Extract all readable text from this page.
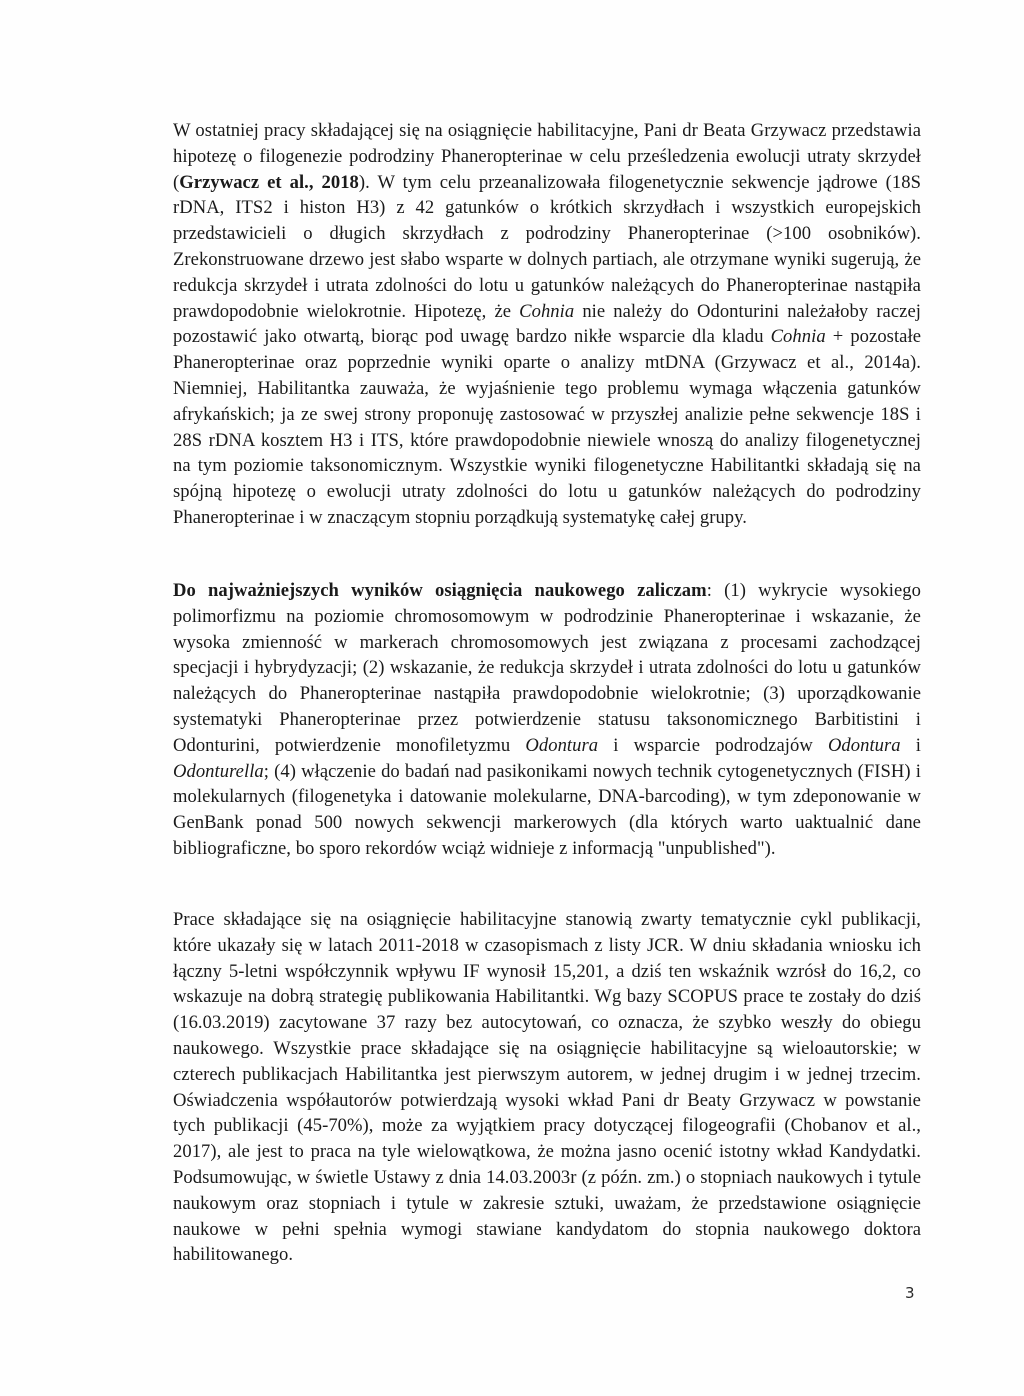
W ostatniej pracy składającej się na osiągnięcie habilitacyjne, Pani dr Beata Grzywacz przedstawia hipotezę o filogenezie podrodziny Phaneropterinae w celu prześledzenia ewolucji utraty skrzydeł (Grzywacz et al., 2018). W tym celu przeanalizowała filogenetycznie sekwencje jądrowe (18S rDNA, ITS2 i histon H3) z 42 gatunków o krótkich skrzydłach i wszystkich europejskich przedstawicieli o długich skrzydłach z podrodziny Phaneropterinae (>100 osobników). Zrekonstruowane drzewo jest słabo wsparte w dolnych partiach, ale otrzymane wyniki sugerują, że redukcja skrzydeł i utrata zdolności do lotu u gatunków należących do Phaneropterinae nastąpiła prawdopodobnie wielokrotnie. Hipotezę, że Cohnia nie należy do Odonturini należałoby raczej pozostawić jako otwartą, biorąc pod uwagę bardzo nikłe wsparcie dla kladu Cohnia + pozostałe Phaneropterinae oraz poprzednie wyniki oparte o analizy mtDNA (Grzywacz et al., 2014a). Niemniej, Habilitantka zauważa, że wyjaśnienie tego problemu wymaga włączenia gatunków afrykańskich; ja ze swej strony proponuję zastosować w przyszłej analizie pełne sekwencje 18S i 28S rDNA kosztem H3 i ITS, które prawdopodobnie niewiele wnoszą do analizy filogenetycznej na tym poziomie taksonomicznym. Wszystkie wyniki filogenetyczne Habilitantki składają się na spójną hipotezę o ewolucji utraty zdolności do lotu u gatunków należących do podrodziny Phaneropterinae i w znaczącym stopniu porządkują systematykę całej grupy.

Do najważniejszych wyników osiągnięcia naukowego zaliczam: (1) wykrycie wysokiego polimorfizmu na poziomie chromosomowym w podrodzinie Phaneropterinae i wskazanie, że wysoka zmienność w markerach chromosomowych jest związana z procesami zachodzącej specjacji i hybrydyzacji; (2) wskazanie, że redukcja skrzydeł i utrata zdolności do lotu u gatunków należących do Phaneropterinae nastąpiła prawdopodobnie wielokrotnie; (3) uporządkowanie systematyki Phaneropterinae przez potwierdzenie statusu taksonomicznego Barbitistini i Odonturini, potwierdzenie monofiletyzmu Odontura i wsparcie podrodzajów Odontura i Odonturella; (4) włączenie do badań nad pasikonikami nowych technik cytogenetycznych (FISH) i molekularnych (filogenetyka i datowanie molekularne, DNA-barcoding), w tym zdeponowanie w GenBank ponad 500 nowych sekwencji markerowych (dla których warto uaktualnić dane bibliograficzne, bo sporo rekordów wciąż widnieje z informacją "unpublished").

Prace składające się na osiągnięcie habilitacyjne stanowią zwarty tematycznie cykl publikacji, które ukazały się w latach 2011-2018 w czasopismach z listy JCR. W dniu składania wniosku ich łączny 5-letni współczynnik wpływu IF wynosił 15,201, a dziś ten wskaźnik wzrósł do 16,2, co wskazuje na dobrą strategię publikowania Habilitantki. Wg bazy SCOPUS prace te zostały do dziś (16.03.2019) zacytowane 37 razy bez autocytowań, co oznacza, że szybko weszły do obiegu naukowego. Wszystkie prace składające się na osiągnięcie habilitacyjne są wieloautorskie; w czterech publikacjach Habilitantka jest pierwszym autorem, w jednej drugim i w jednej trzecim. Oświadczenia współautorów potwierdzają wysoki wkład Pani dr Beaty Grzywacz w powstanie tych publikacji (45-70%), może za wyjątkiem pracy dotyczącej filogeografii (Chobanov et al., 2017), ale jest to praca na tyle wielowątkowa, że można jasno ocenić istotny wkład Kandydatki. Podsumowując, w świetle Ustawy z dnia 14.03.2003r (z późn. zm.) o stopniach naukowych i tytule naukowym oraz stopniach i tytule w zakresie sztuki, uważam, że przedstawione osiągnięcie naukowe w pełni spełnia wymogi stawiane kandydatom do stopnia naukowego doktora habilitowanego.

3
